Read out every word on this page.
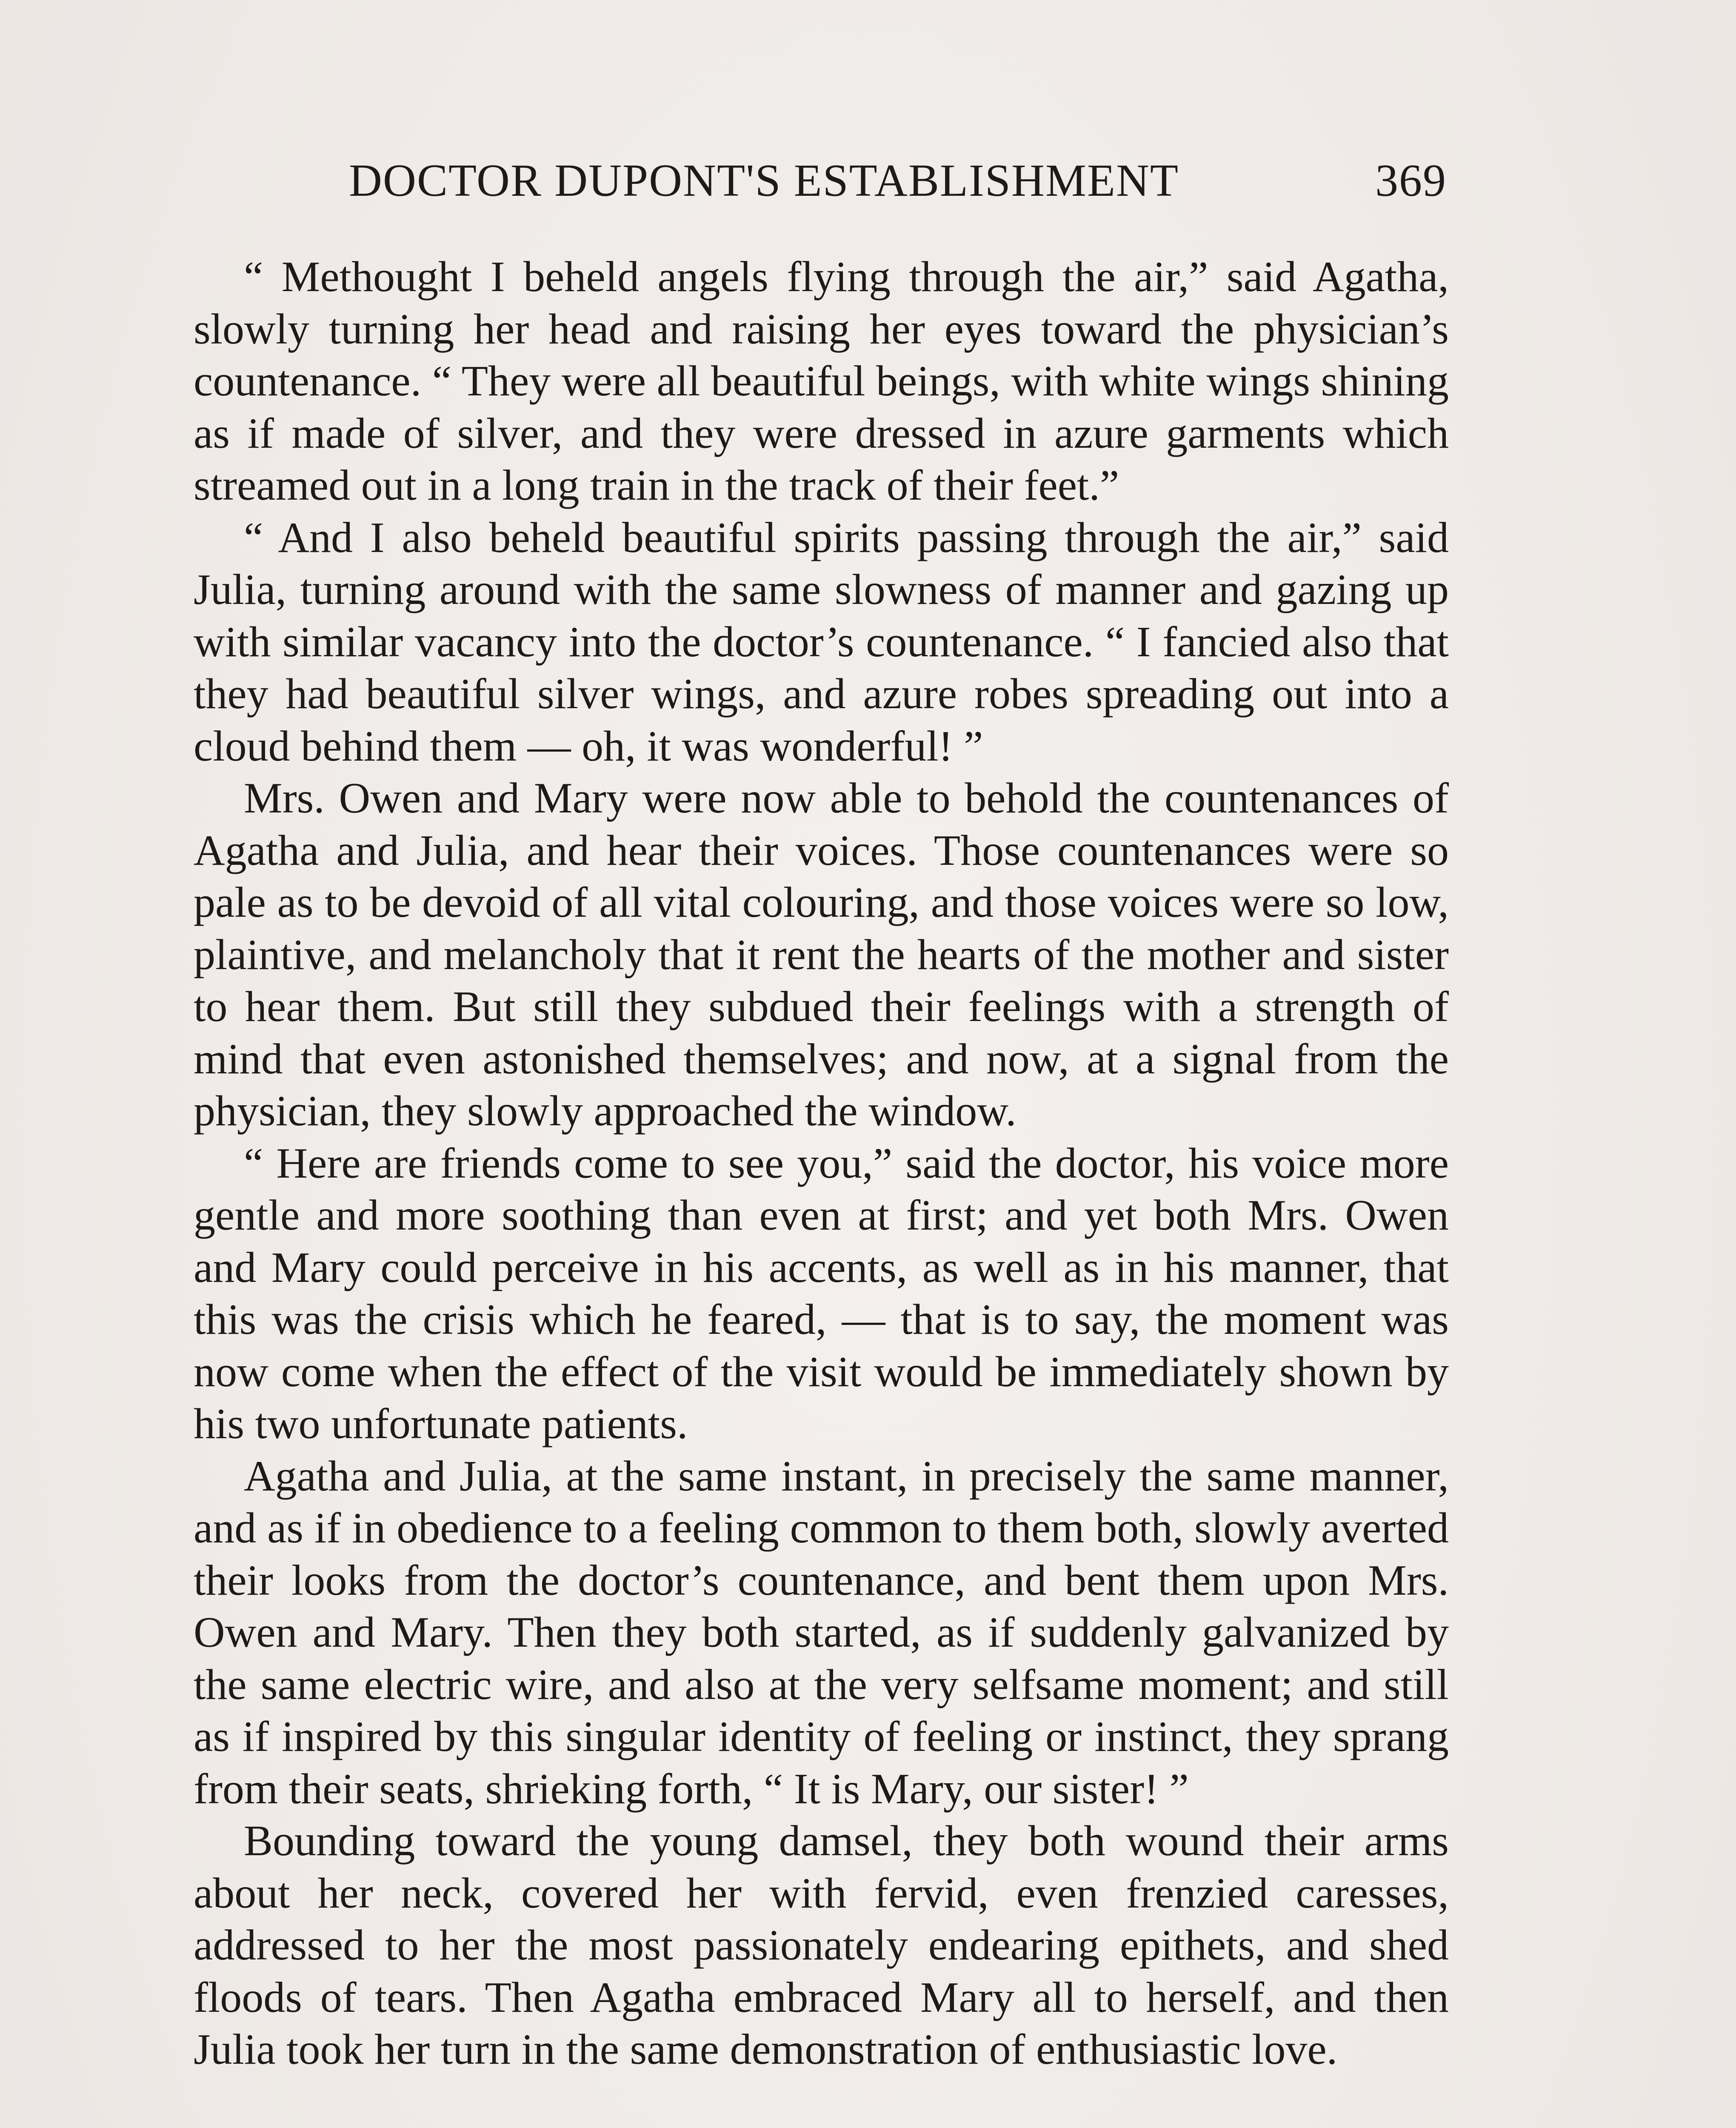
DOCTOR DUPONT'S ESTABLISHMENT	369

“ Methought I beheld angels flying through the air,” said Agatha, slowly turning her head and raising her eyes toward the physician’s countenance. “ They were all beautiful beings, with white wings shining as if made of silver, and they were dressed in azure garments which streamed out in a long train in the track of their feet.”

“ And I also beheld beautiful spirits passing through the air,” said Julia, turning around with the same slowness of manner and gazing up with similar vacancy into the doctor’s countenance. “ I fancied also that they had beautiful silver wings, and azure robes spreading out into a cloud behind them — oh, it was wonderful! ”

Mrs. Owen and Mary were now able to behold the countenances of Agatha and Julia, and hear their voices. Those countenances were so pale as to be devoid of all vital colouring, and those voices were so low, plaintive, and melancholy that it rent the hearts of the mother and sister to hear them. But still they subdued their feelings with a strength of mind that even astonished themselves; and now, at a signal from the physician, they slowly approached the window.

“ Here are friends come to see you,” said the doctor, his voice more gentle and more soothing than even at first; and yet both Mrs. Owen and Mary could perceive in his accents, as well as in his manner, that this was the crisis which he feared, — that is to say, the moment was now come when the effect of the visit would be immediately shown by his two unfortunate patients.

Agatha and Julia, at the same instant, in precisely the same manner, and as if in obedience to a feeling common to them both, slowly averted their looks from the doctor’s countenance, and bent them upon Mrs. Owen and Mary. Then they both started, as if suddenly galvanized by the same electric wire, and also at the very selfsame moment; and still as if inspired by this singular identity of feeling or instinct, they sprang from their seats, shrieking forth, “ It is Mary, our sister! ”

Bounding toward the young damsel, they both wound their arms about her neck, covered her with fervid, even frenzied caresses, addressed to her the most passionately endearing epithets, and shed floods of tears. Then Agatha embraced Mary all to herself, and then Julia took her turn in the same demonstration of enthusiastic love.
